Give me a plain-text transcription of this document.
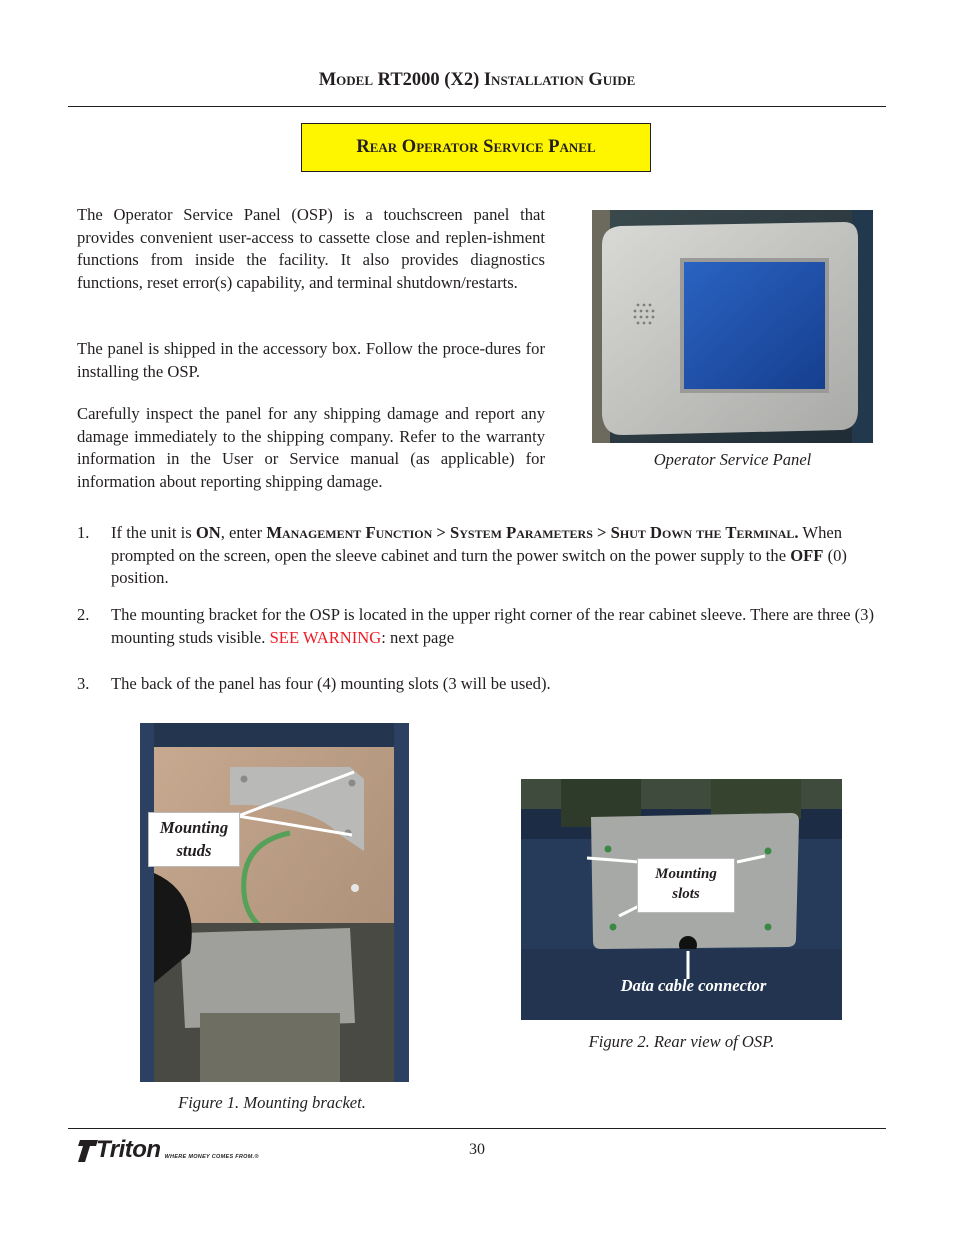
Model RT2000 (X2) Installation Guide
Rear Operator Service Panel
The Operator Service Panel (OSP) is a touchscreen panel that provides convenient user-access to cassette close and replen-ishment functions from inside the facility. It also provides diagnostics functions, reset error(s) capability, and terminal shutdown/restarts.
The panel is shipped in the accessory box. Follow the proce-dures for installing the OSP.
Carefully inspect the panel for any shipping damage and report any damage immediately to the shipping company. Refer to the warranty information in the User or Service manual (as applicable) for information about reporting shipping damage.
Operator Service Panel
1. If the unit is ON, enter Management Function > System Parameters > Shut Down the Terminal. When prompted on the screen, open the sleeve cabinet and turn the power switch on the power supply to the OFF (0) position.
2. The mounting bracket for the OSP is located in the upper right corner of the rear cabinet sleeve. There are three (3) mounting studs visible. SEE WARNING: next page
3. The back of the panel has four (4) mounting slots (3 will be used).
Mounting
studs
Figure 1. Mounting bracket.
Mounting
slots
Data cable connector
Figure 2. Rear view of OSP.
Triton WHERE MONEY COMES FROM.®	30
